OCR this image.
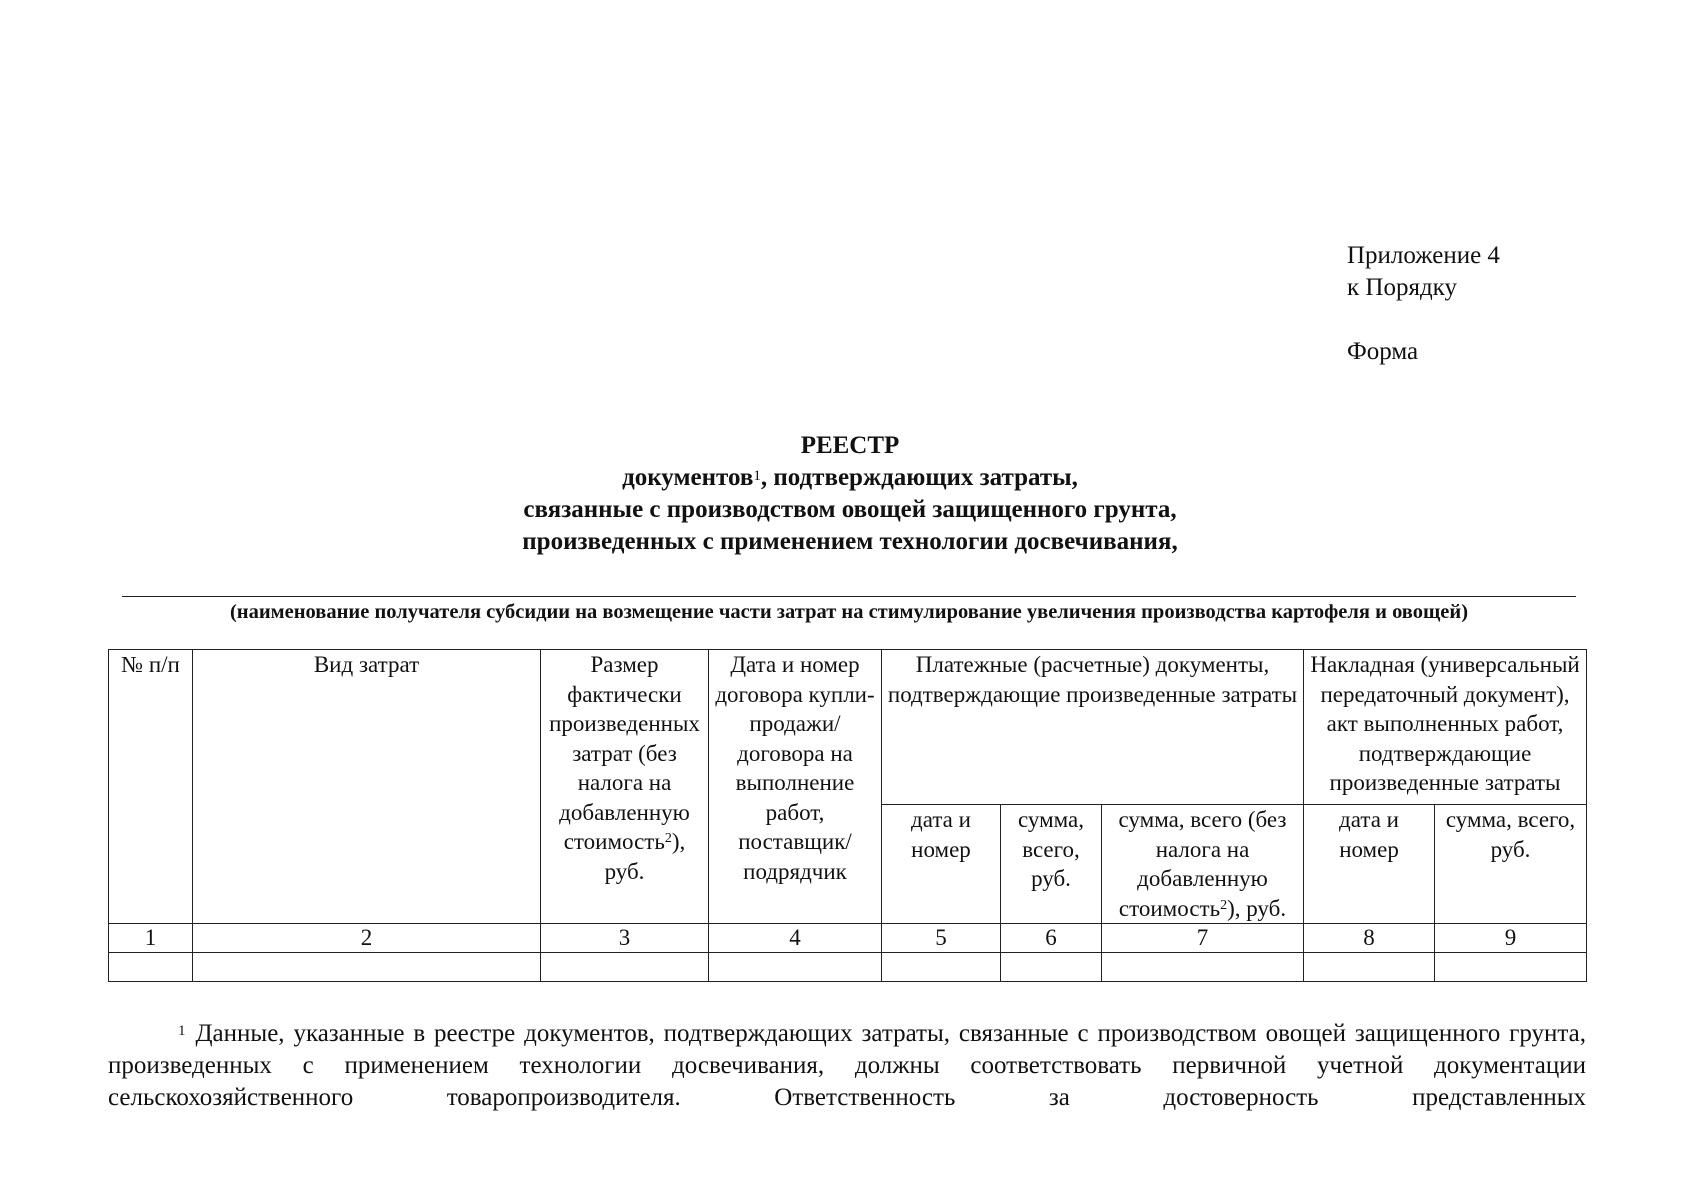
Приложение 4
к Порядку
Форма
РЕЕСТР
документов$^1$, подтверждающих затраты,
связанные с производством овощей защищенного грунта,
произведенных с применением технологии досвечивания,
(наименование получателя субсидии на возмещение части затрат на стимулирование увеличения производства картофеля и овощей)
№ п/п	Вид затрат	Размер фактически произведенных затрат (без налога на добавленную стоимость$^2$), руб.	Дата и номер договора купли-продажи/ договора на выполнение работ, поставщик/подрядчик	Платежные (расчетные) документы, подтверждающие произведенные затраты			Накладная (универсальный передаточный документ), акт выполненных работ, подтверждающие произведенные затраты	
				дата и номер	сумма, всего, руб.	сумма, всего (без налога на добавленную стоимость$^2$), руб.	дата и номер	сумма, всего, руб.
1	2	3	4	5	6	7	8	9

$^1$ Данные, указанные в реестре документов, подтверждающих затраты, связанные с производством овощей защищенного грунта, произведенных с применением технологии досвечивания, должны соответствовать первичной учетной документации сельскохозяйственного товаропроизводителя. Ответственность за достоверность представленных
